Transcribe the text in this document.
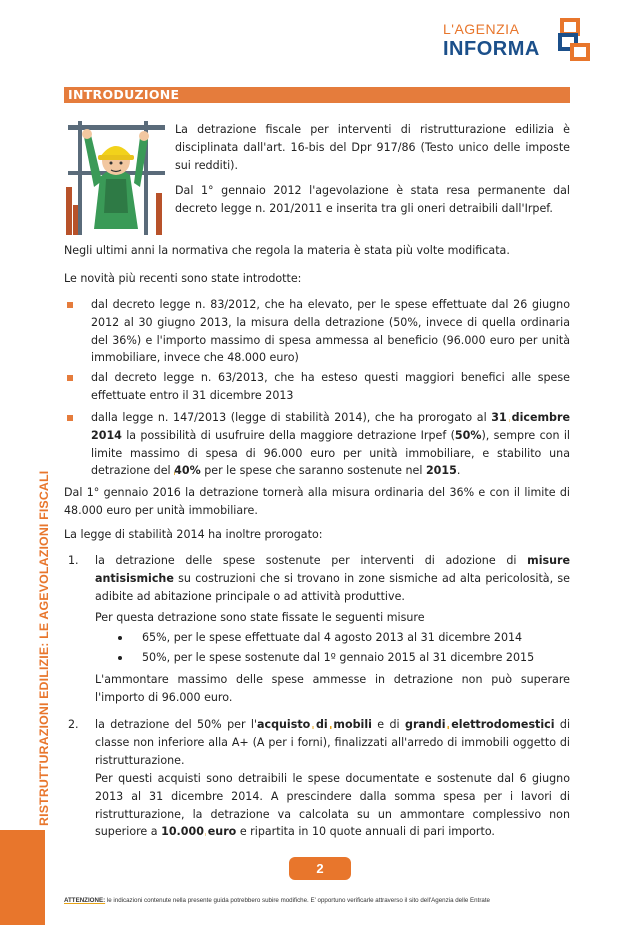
L'AGENZIA
INFORMA
RISTRUTTURAZIONI EDILIZIE: LE AGEVOLAZIONI FISCALI
INTRODUZIONE
La detrazione fiscale per interventi di ristrutturazione edilizia è disciplinata dall'art. 16-bis del Dpr 917/86 (Testo unico delle imposte sui redditi).
Dal 1° gennaio 2012 l'agevolazione è stata resa permanente dal decreto legge n. 201/2011 e inserita tra gli oneri detraibili dall'Irpef.
Negli ultimi anni la normativa che regola la materia è stata più volte modificata.
Le novità più recenti sono state introdotte:
dal decreto legge n. 83/2012, che ha elevato, per le spese effettuate dal 26 giugno 2012 al 30 giugno 2013, la misura della detrazione (50%, invece di quella ordinaria del 36%) e l'importo massimo di spesa ammessa al beneficio (96.000 euro per unità immobiliare, invece che 48.000 euro)
dal decreto legge n. 63/2013, che ha esteso questi maggiori benefici alle spese effettuate entro il 31 dicembre 2013
dalla legge n. 147/2013 (legge di stabilità 2014), che ha prorogato al 31 dicembre 2014 la possibilità di usufruire della maggiore detrazione Irpef (50%), sempre con il limite massimo di spesa di 96.000 euro per unità immobiliare, e stabilito una detrazione del 40% per le spese che saranno sostenute nel 2015.
Dal 1° gennaio 2016 la detrazione tornerà alla misura ordinaria del 36% e con il limite di 48.000 euro per unità immobiliare.
La legge di stabilità 2014 ha inoltre prorogato:
1. la detrazione delle spese sostenute per interventi di adozione di misure antisismiche su costruzioni che si trovano in zone sismiche ad alta pericolosità, se adibite ad abitazione principale o ad attività produttive.
Per questa detrazione sono state fissate le seguenti misure
65%, per le spese effettuate dal 4 agosto 2013 al 31 dicembre 2014
50%, per le spese sostenute dal 1º gennaio 2015 al 31 dicembre 2015
L'ammontare massimo delle spese ammesse in detrazione non può superare l'importo di 96.000 euro.
2. la detrazione del 50% per l'acquisto di mobili e di grandi elettrodomestici di classe non inferiore alla A+ (A per i forni), finalizzati all'arredo di immobili oggetto di ristrutturazione.
Per questi acquisti sono detraibili le spese documentate e sostenute dal 6 giugno 2013 al 31 dicembre 2014. A prescindere dalla somma spesa per i lavori di ristrutturazione, la detrazione va calcolata su un ammontare complessivo non superiore a 10.000 euro e ripartita in 10 quote annuali di pari importo.
2
ATTENZIONE: le indicazioni contenute nella presente guida potrebbero subire modifiche. E' opportuno verificarle attraverso il sito dell'Agenzia delle Entrate
